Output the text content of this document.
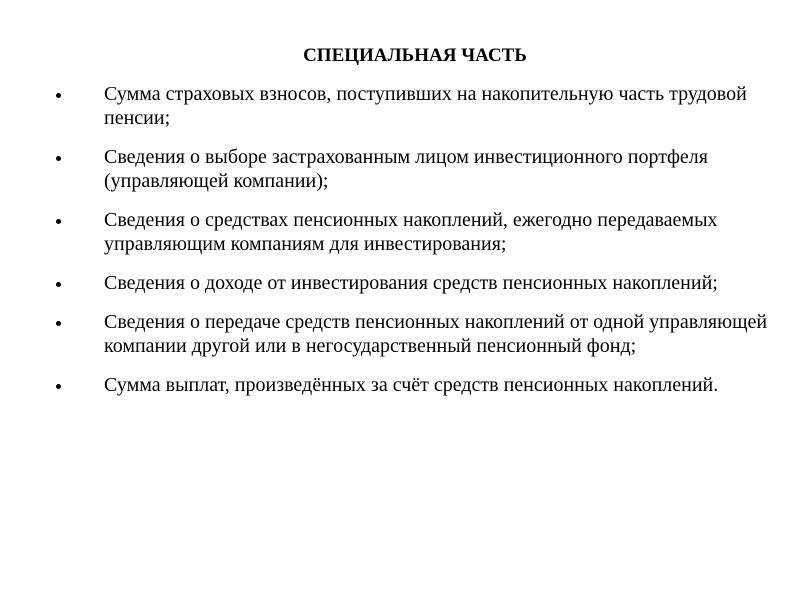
СПЕЦИАЛЬНАЯ ЧАСТЬ
Сумма страховых взносов, поступивших на накопительную часть трудовой пенсии;
Сведения о выборе застрахованным лицом инвестиционного портфеля (управляющей компании);
Сведения о средствах пенсионных накоплений, ежегодно передаваемых управляющим компаниям для инвестирования;
Сведения о доходе от инвестирования средств пенсионных накоплений;
Сведения о передаче средств пенсионных накоплений от одной управляющей компании другой или в негосударственный пенсионный фонд;
Сумма выплат, произведённых за счёт средств пенсионных накоплений.
